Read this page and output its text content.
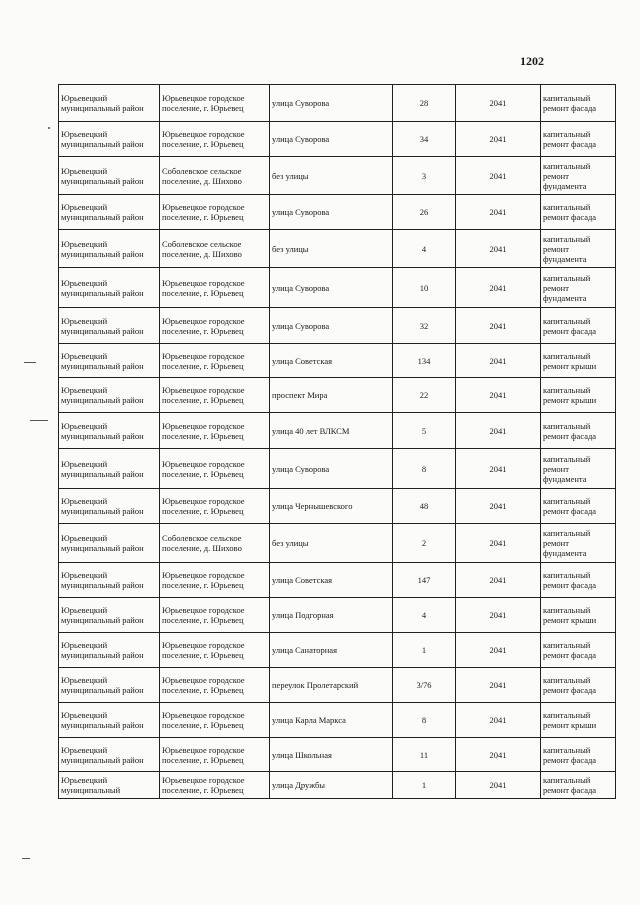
1202
Юрьевецкий муниципальный район	Юрьевецкое городское поселение, г. Юрьевец	улица Суворова	28	2041	капитальный ремонт фасада
Юрьевецкий муниципальный район	Юрьевецкое городское поселение, г. Юрьевец	улица Суворова	34	2041	капитальный ремонт фасада
Юрьевецкий муниципальный район	Соболевское сельское поселение, д. Шихово	без улицы	3	2041	капитальный ремонт фундамента
Юрьевецкий муниципальный район	Юрьевецкое городское поселение, г. Юрьевец	улица Суворова	26	2041	капитальный ремонт фасада
Юрьевецкий муниципальный район	Соболевское сельское поселение, д. Шихово	без улицы	4	2041	капитальный ремонт фундамента
Юрьевецкий муниципальный район	Юрьевецкое городское поселение, г. Юрьевец	улица Суворова	10	2041	капитальный ремонт фундамента
Юрьевецкий муниципальный район	Юрьевецкое городское поселение, г. Юрьевец	улица Суворова	32	2041	капитальный ремонт фасада
Юрьевецкий муниципальный район	Юрьевецкое городское поселение, г. Юрьевец	улица Советская	134	2041	капитальный ремонт крыши
Юрьевецкий муниципальный район	Юрьевецкое городское поселение, г. Юрьевец	проспект Мира	22	2041	капитальный ремонт крыши
Юрьевецкий муниципальный район	Юрьевецкое городское поселение, г. Юрьевец	улица 40 лет ВЛКСМ	5	2041	капитальный ремонт фасада
Юрьевецкий муниципальный район	Юрьевецкое городское поселение, г. Юрьевец	улица Суворова	8	2041	капитальный ремонт фундамента
Юрьевецкий муниципальный район	Юрьевецкое городское поселение, г. Юрьевец	улица Чернышевского	48	2041	капитальный ремонт фасада
Юрьевецкий муниципальный район	Соболевское сельское поселение, д. Шихово	без улицы	2	2041	капитальный ремонт фундамента
Юрьевецкий муниципальный район	Юрьевецкое городское поселение, г. Юрьевец	улица Советская	147	2041	капитальный ремонт фасада
Юрьевецкий муниципальный район	Юрьевецкое городское поселение, г. Юрьевец	улица Подгорная	4	2041	капитальный ремонт крыши
Юрьевецкий муниципальный район	Юрьевецкое городское поселение, г. Юрьевец	улица Санаторная	1	2041	капитальный ремонт фасада
Юрьевецкий муниципальный район	Юрьевецкое городское поселение, г. Юрьевец	переулок Пролетарский	3/76	2041	капитальный ремонт фасада
Юрьевецкий муниципальный район	Юрьевецкое городское поселение, г. Юрьевец	улица Карла Маркса	8	2041	капитальный ремонт крыши
Юрьевецкий муниципальный район	Юрьевецкое городское поселение, г. Юрьевец	улица Школьная	11	2041	капитальный ремонт фасада
Юрьевецкий муниципальный	Юрьевецкое городское поселение, г. Юрьевец	улица Дружбы	1	2041	капитальный ремонт фасада
